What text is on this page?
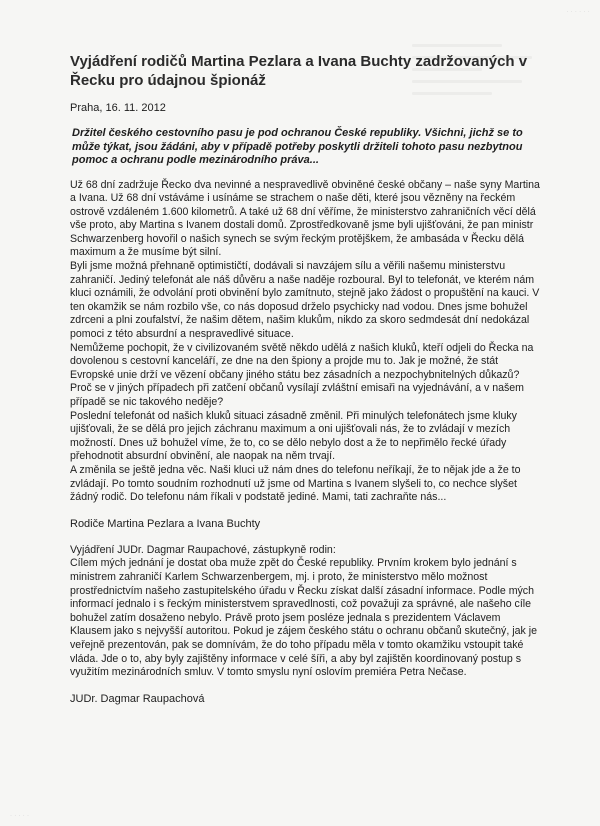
· · · · · ·
· · · · ·
Vyjádření rodičů Martina Pezlara a Ivana Buchty zadržovaných v Řecku pro údajnou špionáž
Praha, 16. 11. 2012
Držitel českého cestovního pasu je pod ochranou České republiky. Všichni, jichž se to může týkat, jsou žádáni, aby v případě potřeby poskytli držiteli tohoto pasu nezbytnou pomoc a ochranu podle mezinárodního práva...

Už 68 dní zadržuje Řecko dva nevinné a nespravedlivě obviněné české občany – naše syny Martina a Ivana. Už 68 dní vstáváme i usínáme se strachem o naše děti, které jsou vězněny na řeckém ostrově vzdáleném 1.600 kilometrů. A také už 68 dní věříme, že ministerstvo zahraničních věcí dělá vše proto, aby Martina s Ivanem dostali domů. Zprostředkovaně jsme byli ujišťováni, že pan ministr Schwarzenberg hovořil o našich synech se svým řeckým protějškem, že ambasáda v Řecku dělá maximum a že musíme být silní.

Byli jsme možná přehnaně optimističtí, dodávali si navzájem sílu a věřili našemu ministerstvu zahraničí. Jediný telefonát ale náš důvěru a naše naděje rozboural. Byl to telefonát, ve kterém nám kluci oznámili, že odvolání proti obvinění bylo zamítnuto, stejně jako žádost o propuštění na kauci. V ten okamžik se nám rozbilo vše, co nás doposud drželo psychicky nad vodou. Dnes jsme bohužel zdrceni a plni zoufalství, že našim dětem, našim klukům, nikdo za skoro sedmdesát dní nedokázal pomoci z této absurdní a nespravedlivé situace.

Nemůžeme pochopit, že v civilizovaném světě někdo udělá z našich kluků, kteří odjeli do Řecka na dovolenou s cestovní kanceláří, ze dne na den špiony a projde mu to. Jak je možné, že stát Evropské unie drží ve vězení občany jiného státu bez zásadních a nezpochybnitelných důkazů? Proč se v jiných případech při zatčení občanů vysílají zvláštní emisaři na vyjednávání, a v našem případě se nic takového neděje?

Poslední telefonát od našich kluků situaci zásadně změnil. Při minulých telefonátech jsme kluky ujišťovali, že se dělá pro jejich záchranu maximum a oni ujišťovali nás, že to zvládají v mezích možností. Dnes už bohužel víme, že to, co se dělo nebylo dost a že to nepřimělo řecké úřady přehodnotit absurdní obvinění, ale naopak na něm trvají.

A změnila se ještě jedna věc. Naši kluci už nám dnes do telefonu neříkají, že to nějak jde a že to zvládají. Po tomto soudním rozhodnutí už jsme od Martina s Ivanem slyšeli to, co nechce slyšet žádný rodič. Do telefonu nám říkali v podstatě jediné. Mami, tati zachraňte nás...

Rodiče Martina Pezlara a Ivana Buchty
Vyjádření JUDr. Dagmar Raupachové, zástupkyně rodin:
Cílem mých jednání je dostat oba muže zpět do České republiky. Prvním krokem bylo jednání s ministrem zahraničí Karlem Schwarzenbergem, mj. i proto, že ministerstvo mělo možnost prostřednictvím našeho zastupitelského úřadu v Řecku získat další zásadní informace. Podle mých informací jednalo i s řeckým ministerstvem spravedlnosti, což považuji za správné, ale našeho cíle bohužel zatím dosaženo nebylo. Právě proto jsem posléze jednala s prezidentem Václavem Klausem jako s nejvyšší autoritou. Pokud je zájem českého státu o ochranu občanů skutečný, jak je veřejně prezentován, pak se domnívám, že do toho případu měla v tomto okamžiku vstoupit také vláda. Jde o to, aby byly zajištěny informace v celé šíři, a aby byl zajištěn koordinovaný postup s využitím mezinárodních smluv. V tomto smyslu nyní oslovím premiéra Petra Nečase.
JUDr. Dagmar Raupachová
